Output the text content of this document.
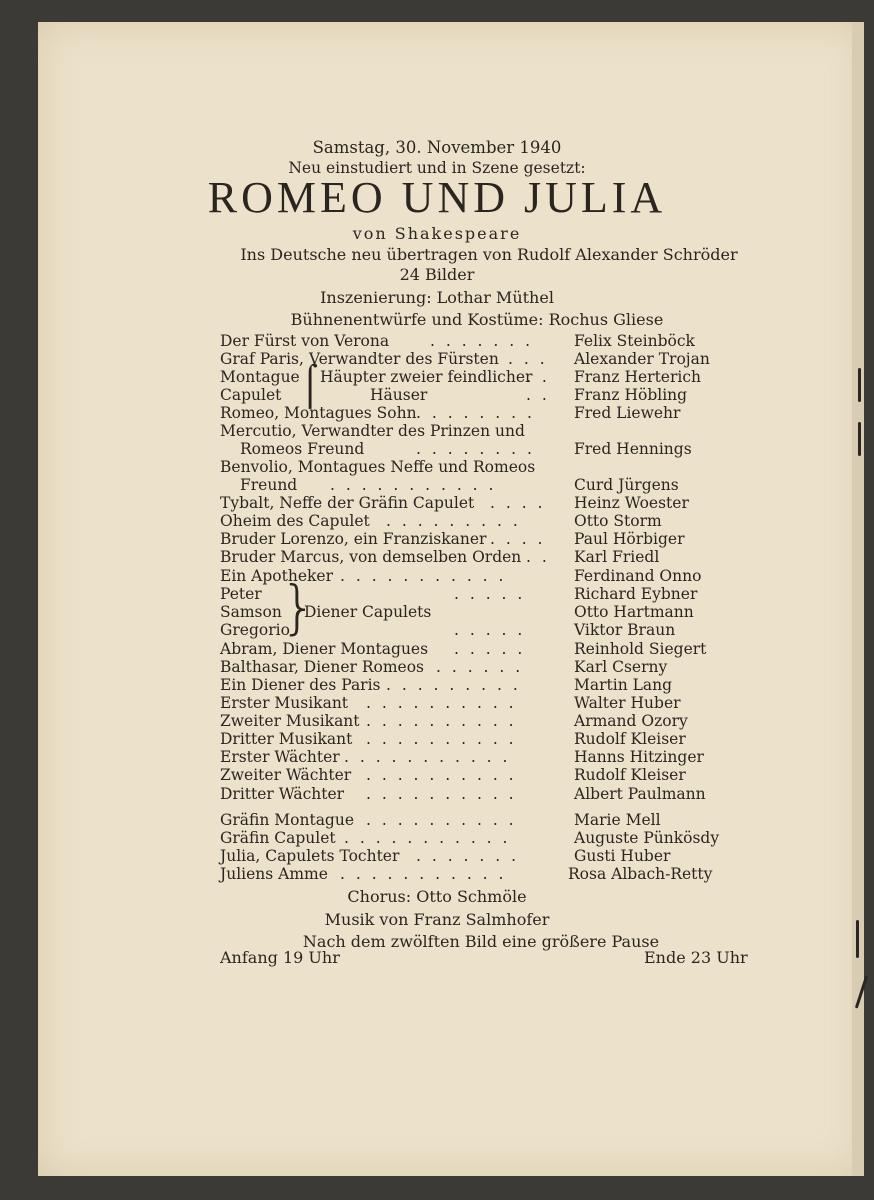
Samstag, 30. November 1940
Neu einstudiert und in Szene gesetzt:
ROMEO UND JULIA
von Shakespeare
Ins Deutsche neu übertragen von Rudolf Alexander Schröder
24 Bilder
Inszenierung: Lothar Müthel
Bühnenentwürfe und Kostüme: Rochus Gliese
Der Fürst von Verona	. . . . . . .	Felix Steinböck
Graf Paris, Verwandter des Fürsten . . . Alexander Trojan
Montague	. . Franz Herterich
Capulet	. . Franz Höbling
⌠
Häupter zweier feindlicher
Häuser
Romeo, Montagues Sohn . . . . . . . .	Fred Liewehr
Mercutio, Verwandter des Prinzen und
Romeos Freund	. . . . . . . .	Fred Hennings
Benvolio, Montagues Neffe und Romeos
Freund . . . . . . . . . . .	Curd Jürgens
Tybalt, Neffe der Gräfin Capulet . . . . Heinz Woester
Oheim des Capulet . . . . . . . . .	Otto Storm
Bruder Lorenzo, ein Franziskaner . . . . Paul Hörbiger
Bruder Marcus, von demselben Orden . . Karl Friedl
Ein Apotheker . . . . . . . . . . .	Ferdinand Onno
Peter	. . . . .	Richard Eybner
Samson	Otto Hartmann
Gregorio	. . . . .	Viktor Braun
}
Diener Capulets
Abram, Diener Montagues . . . . .	Reinhold Siegert
Balthasar, Diener Romeos . . . . . .	Karl Cserny
Ein Diener des Paris . . . . . . . . .	Martin Lang
Erster Musikant . . . . . . . . . .	Walter Huber
Zweiter Musikant . . . . . . . . . .	Armand Ozory
Dritter Musikant . . . . . . . . . .	Rudolf Kleiser
Erster Wächter . . . . . . . . . . .	Hanns Hitzinger
Zweiter Wächter . . . . . . . . . .	Rudolf Kleiser
Dritter Wächter . . . . . . . . . .	Albert Paulmann
Gräfin Montague . . . . . . . . . .	Marie Mell
Gräfin Capulet . . . . . . . . . . .	Auguste Pünkösdy
Julia, Capulets Tochter . . . . . . .	Gusti Huber
Juliens Amme . . . . . . . . . . .	Rosa Albach-Retty
Chorus: Otto Schmöle
Musik von Franz Salmhofer
Nach dem zwölften Bild eine größere Pause
Anfang 19 Uhr	Ende 23 Uhr
